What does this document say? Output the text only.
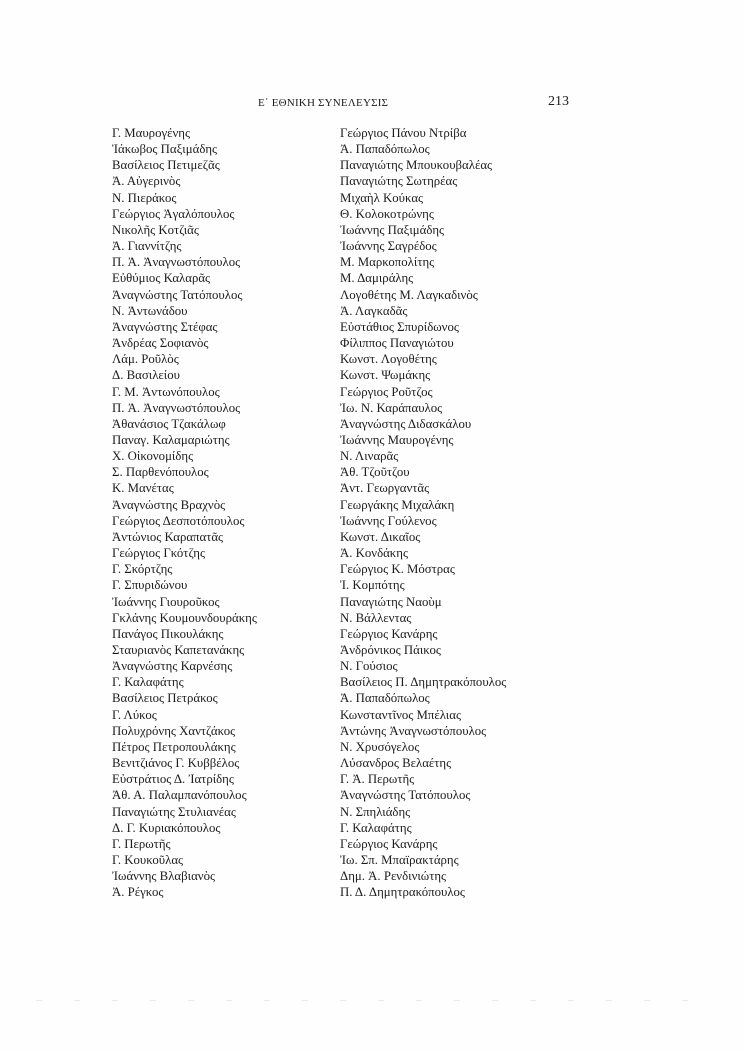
Ε΄ ΕΘΝΙΚΗ ΣΥΝΕΛΕΥΣΙΣ	213
Γ. Μαυρογένης
Ἰάκωβος Παξιμάδης
Βασίλειος Πετιμεζᾶς
Ἀ. Αὐγερινὸς
Ν. Πιεράκος
Γεώργιος Ἀγαλόπουλος
Νικολῆς Κοτζιᾶς
Ἀ. Γιαννίτζης
Π. Ἀ. Ἀναγνωστόπουλος
Εὐθύμιος Καλαρᾶς
Ἀναγνώστης Τατόπουλος
Ν. Ἀντωνάδου
Ἀναγνώστης Στέφας
Ἀνδρέας Σοφιανὸς
Λάμ. Ροῦλὸς
Δ. Βασιλείου
Γ. Μ. Ἀντωνόπουλος
Π. Ἀ. Ἀναγνωστόπουλος
Ἀθανάσιος Τζακάλωφ
Παναγ. Καλαμαριώτης
Χ. Οἰκονομίδης
Σ. Παρθενόπουλος
Κ. Μανέτας
Ἀναγνώστης Βραχνὸς
Γεώργιος Δεσποτόπουλος
Ἀντώνιος Καραπατᾶς
Γεώργιος Γκότζης
Γ. Σκόρτζης
Γ. Σπυριδώνου
Ἰωάννης Γιουροῦκος
Γκλάνης Κουμουνδουράκης
Πανάγος Πικουλάκης
Σταυριανὸς Καπετανάκης
Ἀναγνώστης Καρνέσης
Γ. Καλαφάτης
Βασίλειος Πετράκος
Γ. Λύκος
Πολυχρόνης Χαντζάκος
Πέτρος Πετροπουλάκης
Βενιτζιάνος Γ. Κυββέλος
Εὐστράτιος Δ. Ἰατρίδης
Ἀθ. Α. Παλαμπανόπουλος
Παναγιώτης Στυλιανέας
Δ. Γ. Κυριακόπουλος
Γ. Περωτῆς
Γ. Κουκοῦλας
Ἰωάννης Βλαβιανὸς
Ἀ. Ρέγκος
Γεώργιος Πάνου Ντρίβα
Ἀ. Παπαδόπωλος
Παναγιώτης Μπουκουβαλέας
Παναγιώτης Σωτηρέας
Μιχαὴλ Κούκας
Θ. Κολοκοτρώνης
Ἰωάννης Παξιμάδης
Ἰωάννης Σαγρέδος
Μ. Μαρκοπολίτης
Μ. Δαμιράλης
Λογοθέτης Μ. Λαγκαδινὸς
Ἀ. Λαγκαδᾶς
Εὐστάθιος Σπυρίδωνος
Φίλιππος Παναγιώτου
Κωνστ. Λογοθέτης
Κωνστ. Ψωμάκης
Γεώργιος Ροῦτζος
Ἰω. Ν. Καράπαυλος
Ἀναγνώστης Διδασκάλου
Ἰωάννης Μαυρογένης
Ν. Λιναρᾶς
Ἀθ. Τζοῦτζου
Ἀντ. Γεωργαντᾶς
Γεωργάκης Μιχαλάκη
Ἰωάννης Γούλενος
Κωνστ. Δικαῖος
Ἀ. Κονδάκης
Γεώργιος Κ. Μόστρας
Ἰ. Κομπότης
Παναγιώτης Ναοὺμ
Ν. Βάλλεντας
Γεώργιος Κανάρης
Ἀνδρόνικος Πάικος
Ν. Γούσιος
Βασίλειος Π. Δημητρακόπουλος
Ἀ. Παπαδόπωλος
Κωνσταντῖνος Μπέλιας
Ἀντώνης Ἀναγνωστόπουλος
Ν. Χρυσόγελος
Λύσανδρος Βελαέτης
Γ. Ἀ. Περωτῆς
Ἀναγνώστης Τατόπουλος
Ν. Σπηλιάδης
Γ. Καλαφάτης
Γεώργιος Κανάρης
Ἰω. Σπ. Μπαϊρακτάρης
Δημ. Ἀ. Ρενδινιώτης
Π. Δ. Δημητρακόπουλος
